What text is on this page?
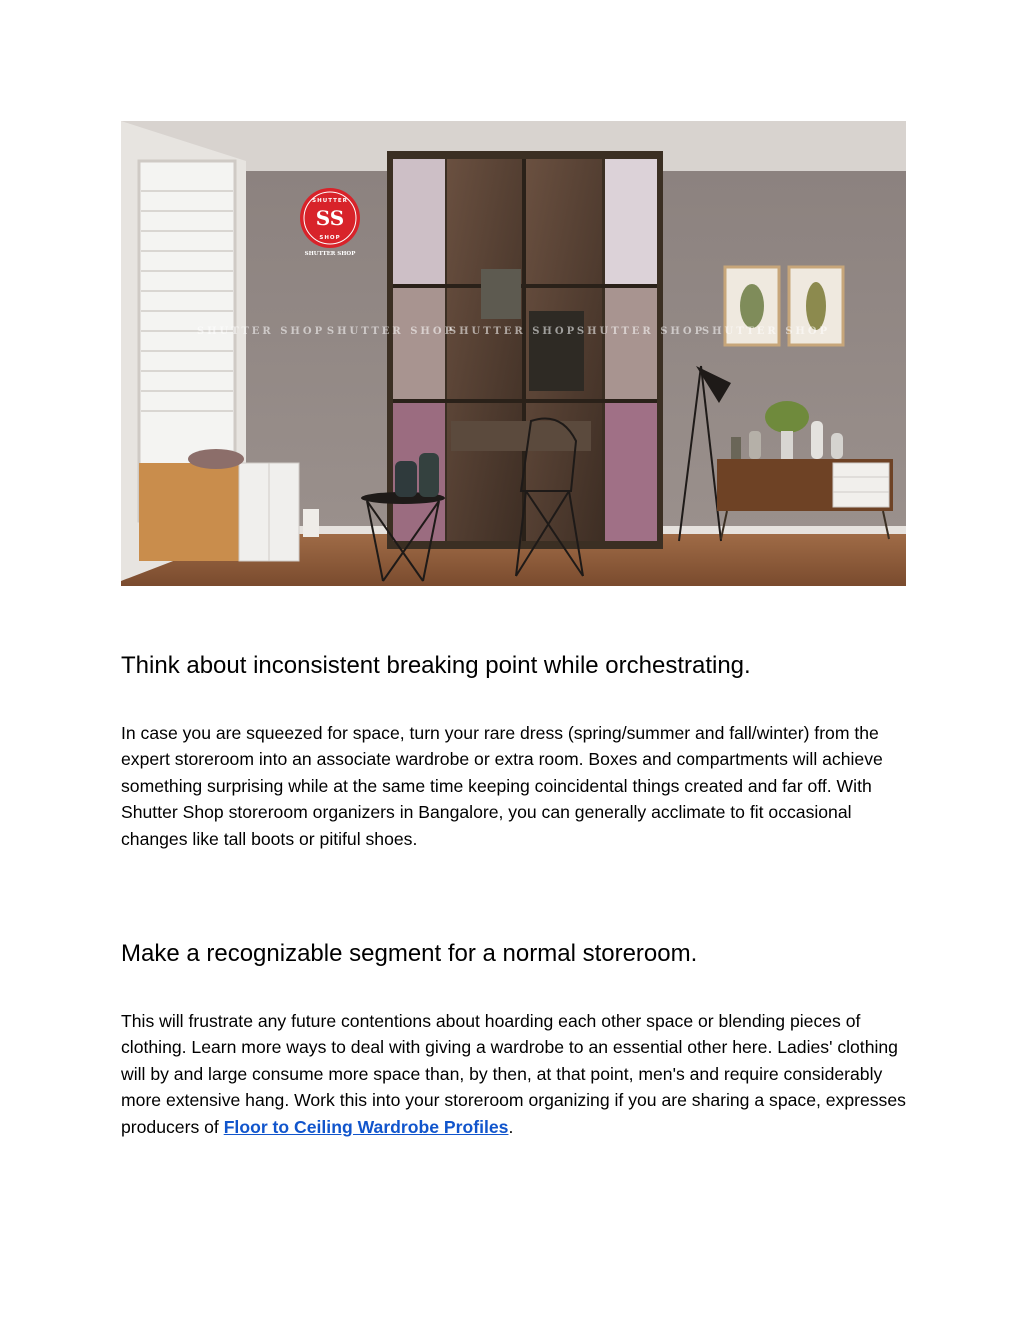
SHUTTER SHOP
SHUTTER SHOP	SHUTTER SHOP
SHUTTER SHOP
SHUTTER SHOP
SS
SHUTTER
SHOP
SHUTTER SHOP
Think about inconsistent breaking point while orchestrating.

In case you are squeezed for space, turn your rare dress (spring/summer and fall/winter) from the expert storeroom into an associate wardrobe or extra room. Boxes and compartments will achieve something surprising while at the same time keeping coincidental things created and far off. With Shutter Shop storeroom organizers in Bangalore, you can generally acclimate to fit occasional changes like tall boots or pitiful shoes.

Make a recognizable segment for a normal storeroom.

This will frustrate any future contentions about hoarding each other space or blending pieces of clothing. Learn more ways to deal with giving a wardrobe to an essential other here. Ladies' clothing will by and large consume more space than, by then, at that point, men's and require considerably more extensive hang. Work this into your storeroom organizing if you are sharing a space, expresses producers of Floor to Ceiling Wardrobe Profiles.
